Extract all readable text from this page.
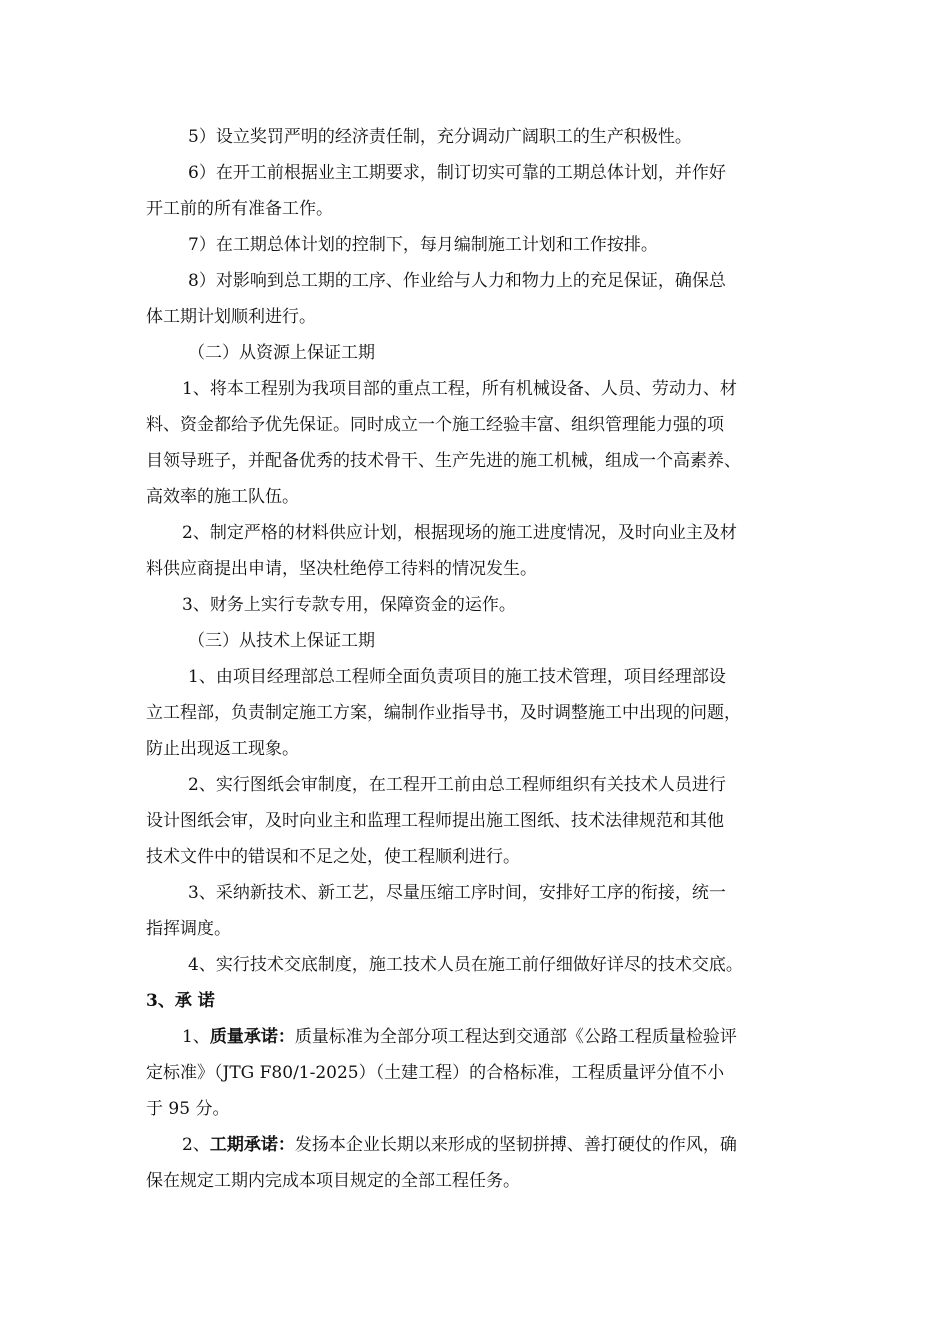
5）设立奖罚严明的经济责任制，充分调动广阔职工的生产积极性。
6）在开工前根据业主工期要求，制订切实可靠的工期总体计划，并作好
开工前的所有准备工作。
7）在工期总体计划的控制下，每月编制施工计划和工作按排。
8）对影响到总工期的工序、作业给与人力和物力上的充足保证，确保总
体工期计划顺利进行。
（二）从资源上保证工期
1、将本工程别为我项目部的重点工程，所有机械设备、人员、劳动力、材
料、资金都给予优先保证。同时成立一个施工经验丰富、组织管理能力强的项
目领导班子，并配备优秀的技术骨干、生产先进的施工机械，组成一个高素养、
高效率的施工队伍。
2、制定严格的材料供应计划，根据现场的施工进度情况，及时向业主及材
料供应商提出申请，坚决杜绝停工待料的情况发生。
3、财务上实行专款专用，保障资金的运作。
（三）从技术上保证工期
1、由项目经理部总工程师全面负责项目的施工技术管理，项目经理部设
立工程部，负责制定施工方案，编制作业指导书，及时调整施工中出现的问题，
防止出现返工现象。
2、实行图纸会审制度，在工程开工前由总工程师组织有关技术人员进行
设计图纸会审，及时向业主和监理工程师提出施工图纸、技术法律规范和其他
技术文件中的错误和不足之处，使工程顺利进行。
3、采纳新技术、新工艺，尽量压缩工序时间，安排好工序的衔接，统一
指挥调度。
4、实行技术交底制度，施工技术人员在施工前仔细做好详尽的技术交底。
3、承 诺
1、质量承诺：质量标准为全部分项工程达到交通部《公路工程质量检验评
定标准》（JTG F80/1-2025）（土建工程）的合格标准，工程质量评分值不小
于 95 分。
2、工期承诺：发扬本企业长期以来形成的坚韧拼搏、善打硬仗的作风，确
保在规定工期内完成本项目规定的全部工程任务。
